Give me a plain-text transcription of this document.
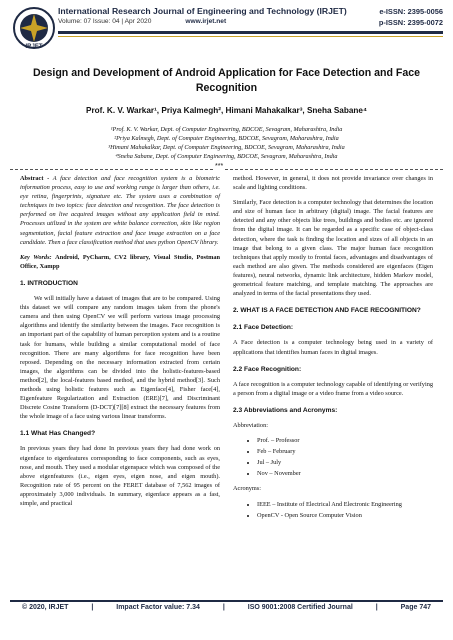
IRJET
International Research Journal of Engineering and Technology (IRJET)
Volume: 07 Issue: 04 | Apr 2020	www.irjet.net
e-ISSN: 2395-0056
p-ISSN: 2395-0072
Design and Development of Android Application for Face Detection and Face Recognition
Prof. K. V. Warkar¹, Priya Kalmegh², Himani Mahakalkar³, Sneha Sabane⁴
¹Prof. K. V. Warkar, Dept. of Computer Engineering, BDCOE, Sevagram, Maharashtra, India
²Priya Kalmegh, Dept. of Computer Engineering, BDCOE, Sevagram, Maharashtra, India
³Himani Mahakalkar, Dept. of Computer Engineering, BDCOE, Sevagram, Maharashtra, India
⁴Sneha Sabane, Dept. of Computer Engineering, BDCOE, Sevagram, Maharashtra, India
***

Abstract - A face detection and face recognition system is a biometric information process, easy to use and working range is larger than others, i.e. eye retina, fingerprints, signature etc. The system uses a combination of techniques in two topics: face detection and recognition. The face detection is performed on live acquired images without any application field in mind. Processes utilized in the system are white balance correction, skin like region segmentation, facial feature extraction and face image extraction on a face candidate. Then a face classification method that uses python OpenCV library.

Key Words: Android, PyCharm, CV2 library, Visual Studio, Postman Office, Xampp

1. INTRODUCTION

We will initially have a dataset of images that are to be compared. Using this dataset we will compare any random images taken from the phone's camera and then using OpenCV we will perform various image processing algorithms and identify the similarity between the images. Face recognition is an important part of the capability of human perception system and is a routine task for humans, while building a similar computational model of face recognition. There are many algorithms for face recognition have been reposed. Depending on the necessary information extracted from certain images, the algorithms can be divided into the holistic-features-based method[2], the local-features based method, and the hybrid method[3]. Such methods using holistic features such as Eigenface[4], Fisher face[4], Eigenfeature Regularization and Extraction (ERE)[7], and Discriminant Discrete Cosine Transform (D-DCT)[7][8] extract the necessary features from the whole image of a face using various linear transforms.

1.1 What Has Changed?

In previous years they had done In previous years they had done work on eigenface to eigenfeatures corresponding to face components, such as eyes, nose, and mouth. They used a modular eigenspace which was composed of the above eigenfeatures (i.e., eigen eyes, eigen nose, and eigen mouth). Recognition rate of 95 percent on the FERET database of 7,562 images of approximately 3,000 individuals. In summary, eigenface appears as a fast, simple, and practical

method. However, in general, it does not provide invariance over changes in scale and lighting conditions.

Similarly, Face detection is a computer technology that determines the location and size of human face in arbitrary (digital) image. The facial features are detected and any other objects like trees, buildings and bodies etc. are ignored from the digital image. It can be regarded as a specific case of object-class detection, where the task is finding the location and sizes of all objects in an image that belong to a given class. The major human face recognition techniques that apply mostly to frontal faces, advantages and disadvantages of each method are also given. The methods considered are eigenfaces (Eigen features), neural networks, dynamic link architecture, hidden Markov model, geometrical feature matching, and template matching. The approaches are analyzed in terms of the facial presentations they used.

2. WHAT IS A FACE DETECTION AND FACE RECOGNITION?
2.1 Face Detection:

A Face detection is a computer technology being used in a variety of applications that identifies human faces in digital images.

2.2 Face Recognition:

A face recognition is a computer technology capable of identifying or verifying a person from a digital image or a video frame from a video source.

2.3 Abbreviations and Acronyms:
Abbreviation:
• Prof. – Professor
• Feb – February
• Jul – July
• Nov – November
Acronyms:
• IEEE – Institute of Electrical And Electronic Engineering
• OpenCV - Open Source Computer Vision
© 2020, IRJET	|	Impact Factor value: 7.34	|	ISO 9001:2008 Certified Journal	|	Page 747
